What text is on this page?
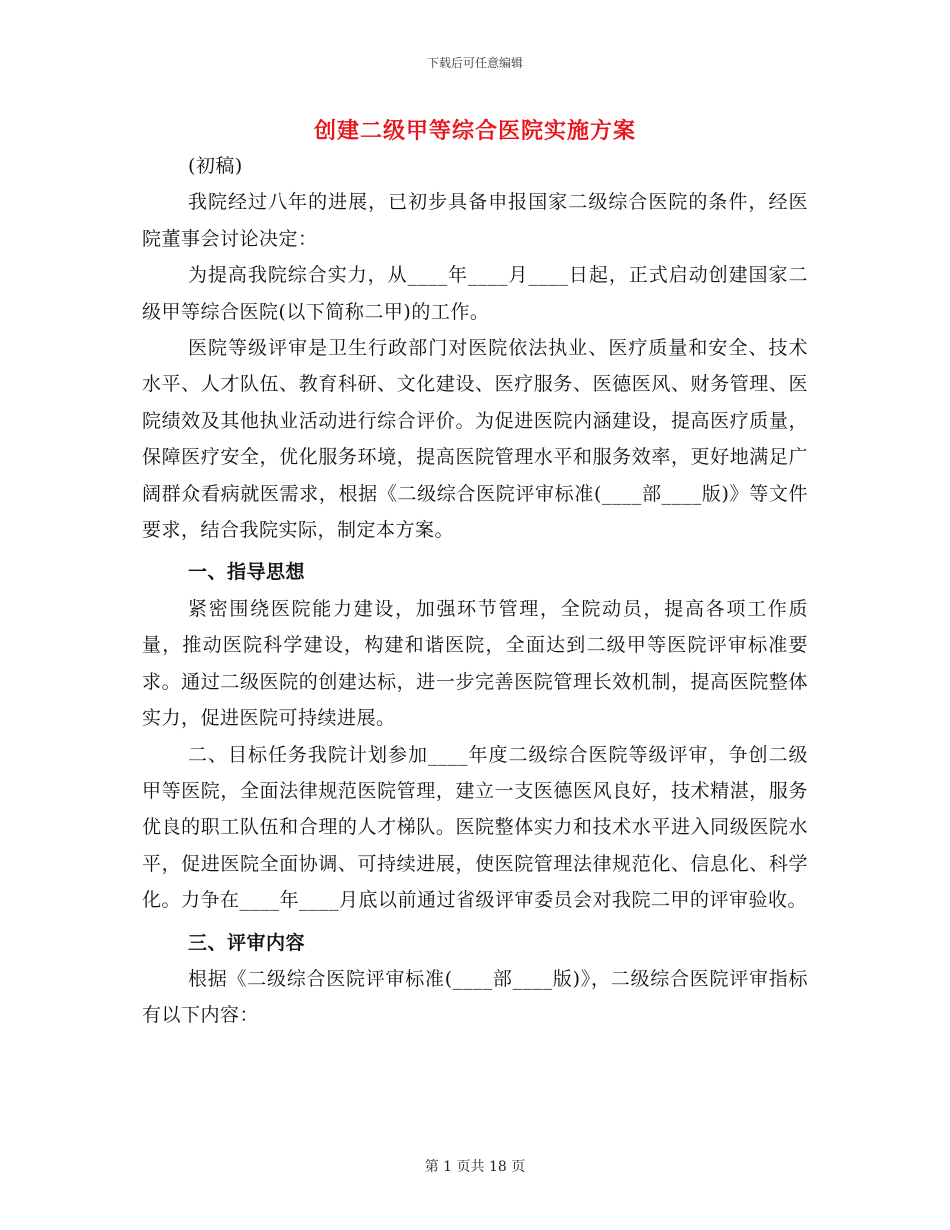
下载后可任意编辑
创建二级甲等综合医院实施方案

(初稿)

我院经过八年的进展，已初步具备申报国家二级综合医院的条件，经医院董事会讨论决定：

为提高我院综合实力，从____年____月____日起，正式启动创建国家二级甲等综合医院(以下简称二甲)的工作。

医院等级评审是卫生行政部门对医院依法执业、医疗质量和安全、技术水平、人才队伍、教育科研、文化建设、医疗服务、医德医风、财务管理、医院绩效及其他执业活动进行综合评价。为促进医院内涵建设，提高医疗质量，保障医疗安全，优化服务环境，提高医院管理水平和服务效率，更好地满足广阔群众看病就医需求，根据《二级综合医院评审标准(____部____版)》等文件要求，结合我院实际，制定本方案。

一、指导思想

紧密围绕医院能力建设，加强环节管理，全院动员，提高各项工作质量，推动医院科学建设，构建和谐医院，全面达到二级甲等医院评审标准要求。通过二级医院的创建达标，进一步完善医院管理长效机制，提高医院整体实力，促进医院可持续进展。

二、目标任务我院计划参加____年度二级综合医院等级评审，争创二级甲等医院，全面法律规范医院管理，建立一支医德医风良好，技术精湛，服务优良的职工队伍和合理的人才梯队。医院整体实力和技术水平进入同级医院水平，促进医院全面协调、可持续进展，使医院管理法律规范化、信息化、科学化。力争在____年____月底以前通过省级评审委员会对我院二甲的评审验收。

三、评审内容

根据《二级综合医院评审标准(____部____版)》，二级综合医院评审指标有以下内容：

第 1 页共 18 页
